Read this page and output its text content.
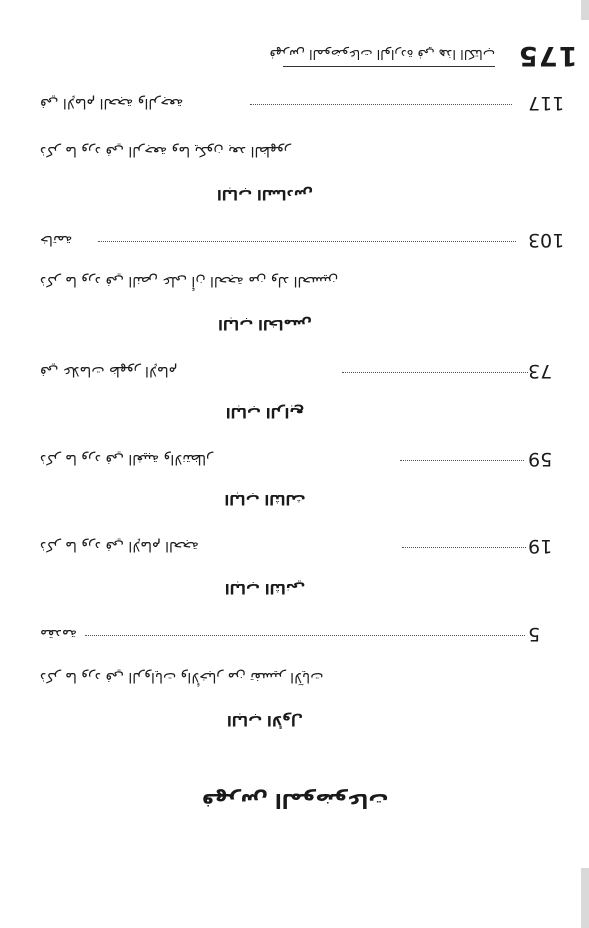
175
فهرس الموضوعات الواردة في هذا الكتاب
117
في الإمام الحجة والرجعة
ذكر ما ورد في الرجعة وما يكون بعد الظهور
الباب السادس
103
خاتمة
ذكر ما ورد في النص على أن الحجة من ولد الحسين
الباب الخامس
73
في علامات ظهور الإمام
الباب الرابع
59
ذكر ما ورد في الغيبة والانتظار
الباب الثالث
19
ذكر ما ورد في الإمام الحجة
الباب الثاني
5
مقدمة
ذكر ما ورد في الروايات والأخبار من تفسير الآيات
الباب الأول
فهرس الموضوعات
